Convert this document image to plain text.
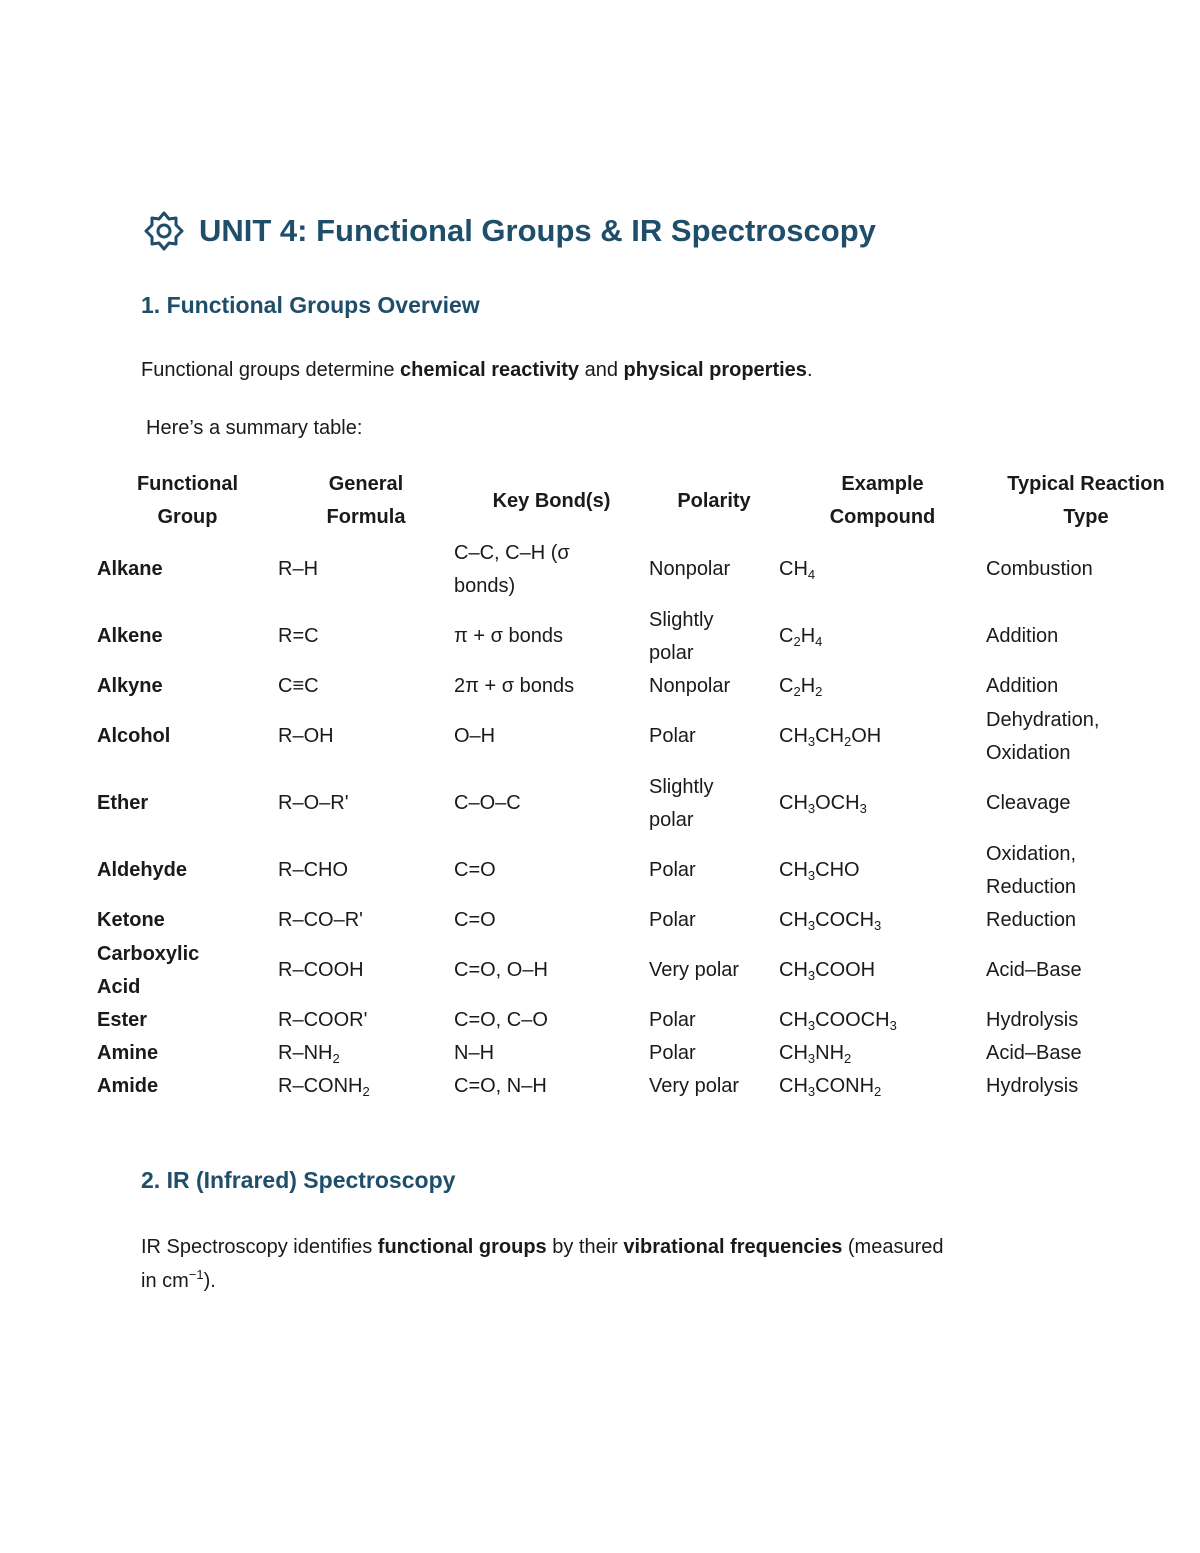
UNIT 4: Functional Groups & IR Spectroscopy
1. Functional Groups Overview
Functional groups determine chemical reactivity and physical properties.
Here’s a summary table:
Functional
Group	General
Formula	Key Bond(s)	Polarity	Example
Compound	Typical Reaction
Type
Alkane	R–H	C–C, C–H (σ
bonds)	Nonpolar	$CH_4$	Combustion
Alkene	R=C	π + σ bonds	Slightly
polar	$C_2H_4$	Addition
Alkyne	C≡C	2π + σ bonds	Nonpolar	$C_2H_2$	Addition
Alcohol	R–OH	O–H	Polar	$CH_3CH_2OH$	Dehydration,
Oxidation
Ether	R–O–R'	C–O–C	Slightly
polar	$CH_3OCH_3$	Cleavage
Aldehyde	R–CHO	C=O	Polar	$CH_3CHO$	Oxidation,
Reduction
Ketone	R–CO–R'	C=O	Polar	$CH_3COCH_3$	Reduction
Carboxylic
Acid	R–COOH	C=O, O–H	Very polar	$CH_3COOH$	Acid–Base
Ester	R–COOR'	C=O, C–O	Polar	$CH_3COOCH_3$	Hydrolysis
Amine	$R-NH_2$	N–H	Polar	$CH_3NH_2$	Acid–Base
Amide	$R-CONH_2$	C=O, N–H	Very polar	$CH_3CONH_2$	Hydrolysis
2. IR (Infrared) Spectroscopy
IR Spectroscopy identifies functional groups by their vibrational frequencies (measured
in $cm^{-1}$).
